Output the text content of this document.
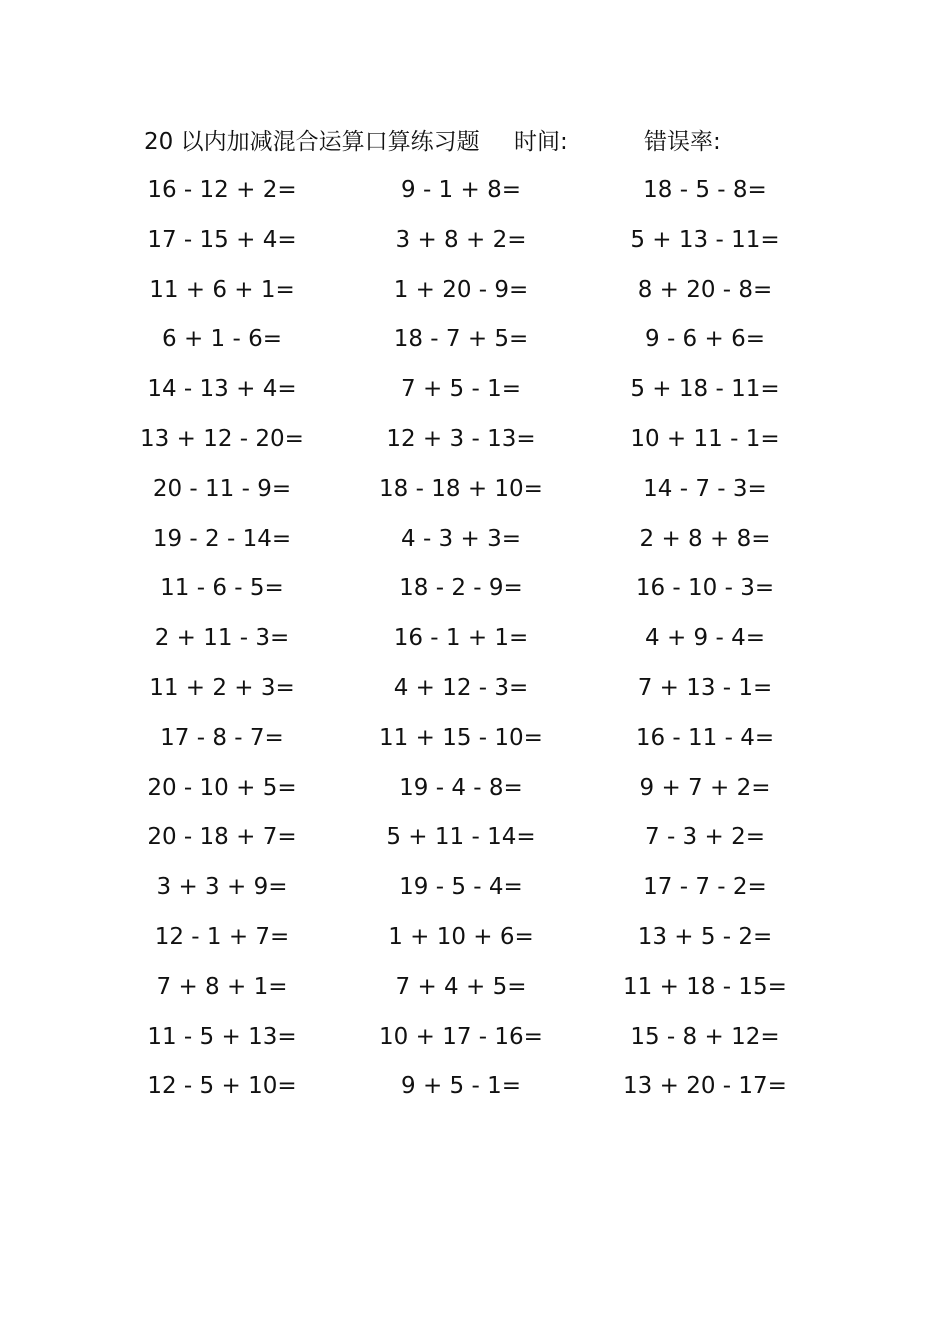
20 以内加减混合运算口算练习题 时间:	错误率:
16 - 12 + 2=	9 - 1 + 8=	18 - 5 - 8=
17 - 15 + 4=	3 + 8 + 2=	5 + 13 - 11=
11 + 6 + 1=	1 + 20 - 9=	8 + 20 - 8=
6 + 1 - 6=	18 - 7 + 5=	9 - 6 + 6=
14 - 13 + 4=	7 + 5 - 1=	5 + 18 - 11=
13 + 12 - 20=	12 + 3 - 13=	10 + 11 - 1=
20 - 11 - 9=	18 - 18 + 10=	14 - 7 - 3=
19 - 2 - 14=	4 - 3 + 3=	2 + 8 + 8=
11 - 6 - 5=	18 - 2 - 9=	16 - 10 - 3=
2 + 11 - 3=	16 - 1 + 1=	4 + 9 - 4=
11 + 2 + 3=	4 + 12 - 3=	7 + 13 - 1=
17 - 8 - 7=	11 + 15 - 10=	16 - 11 - 4=
20 - 10 + 5=	19 - 4 - 8=	9 + 7 + 2=
20 - 18 + 7=	5 + 11 - 14=	7 - 3 + 2=
3 + 3 + 9=	19 - 5 - 4=	17 - 7 - 2=
12 - 1 + 7=	1 + 10 + 6=	13 + 5 - 2=
7 + 8 + 1=	7 + 4 + 5=	11 + 18 - 15=
11 - 5 + 13=	10 + 17 - 16=	15 - 8 + 12=
12 - 5 + 10=	9 + 5 - 1=	13 + 20 - 17=
